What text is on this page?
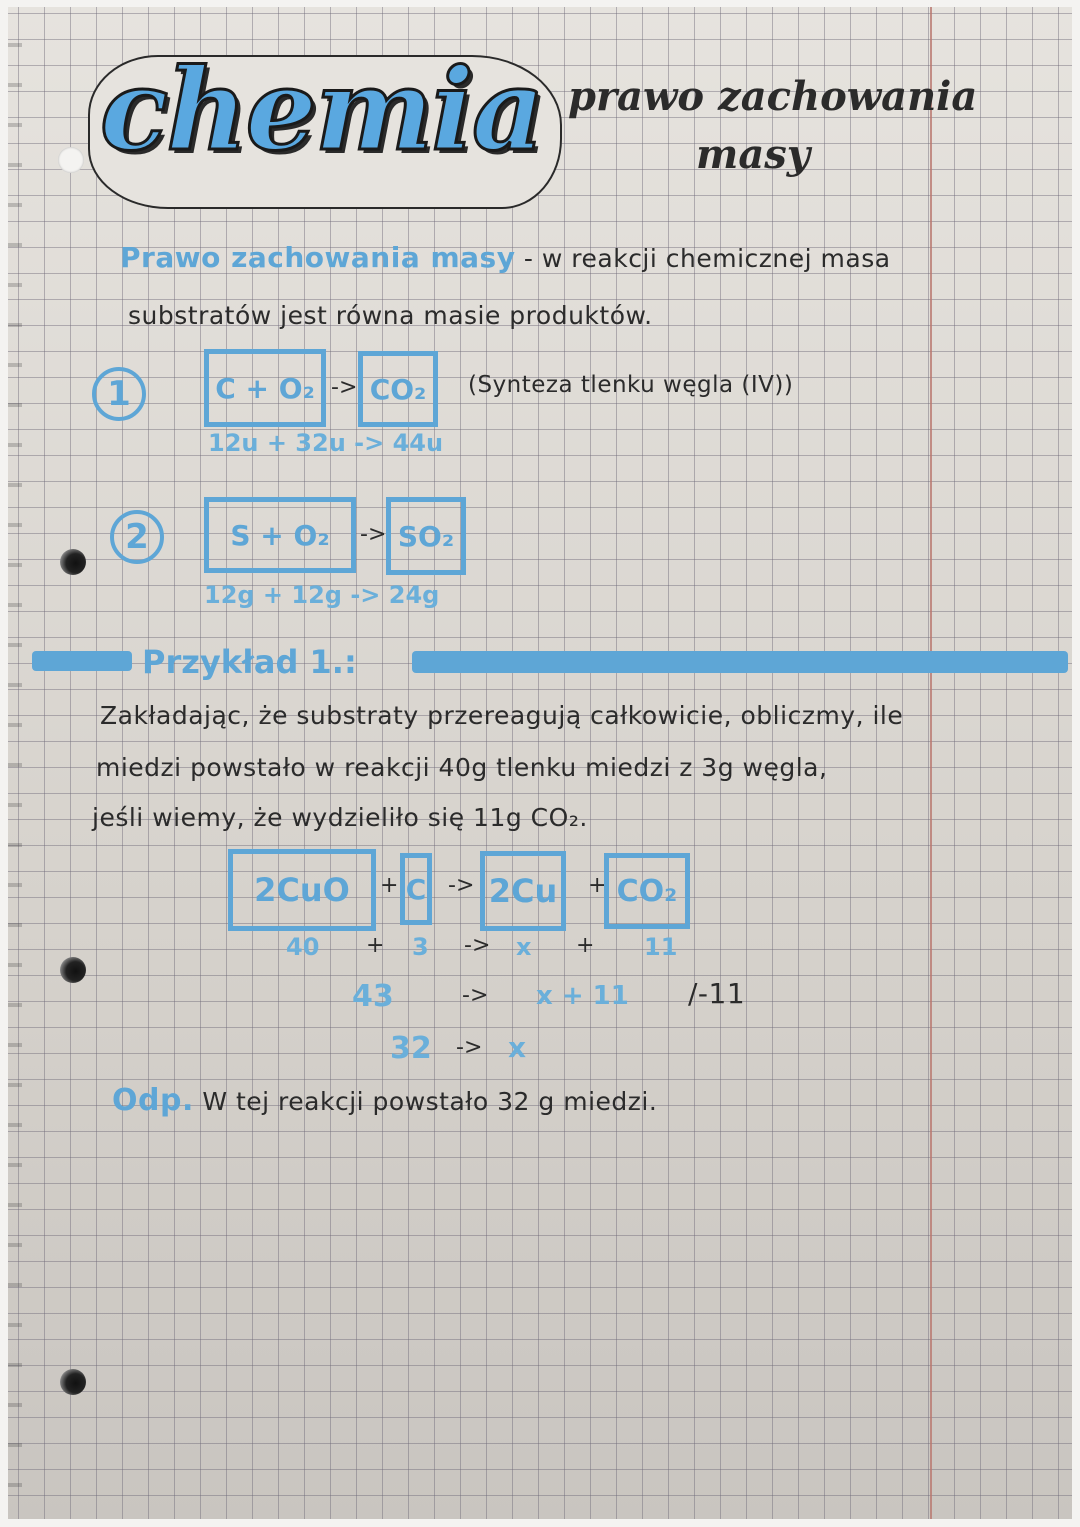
chemia prawo zachowania
masy
Prawo zachowania masy - w reakcji chemicznej masa
substratów jest równa masie produktów.
1	C + O₂ -> CO₂	(Synteza tlenku węgla (IV))
12u + 32u -> 44u
2	S + O₂	-> SO₂
12g + 12g -> 24g
Przykład 1.:
Zakładając, że substraty przereagują całkowicie, obliczmy, ile
miedzi powstało w reakcji 40g tlenku miedzi z 3g węgla,
jeśli wiemy, że wydzieliło się 11g CO₂.
2CuO	+ C -> 2Cu	+ CO₂
40 + 3 -> x + 11
43	-> x + 11 /-11
32 -> x
Odp. W tej reakcji powstało 32 g miedzi.
